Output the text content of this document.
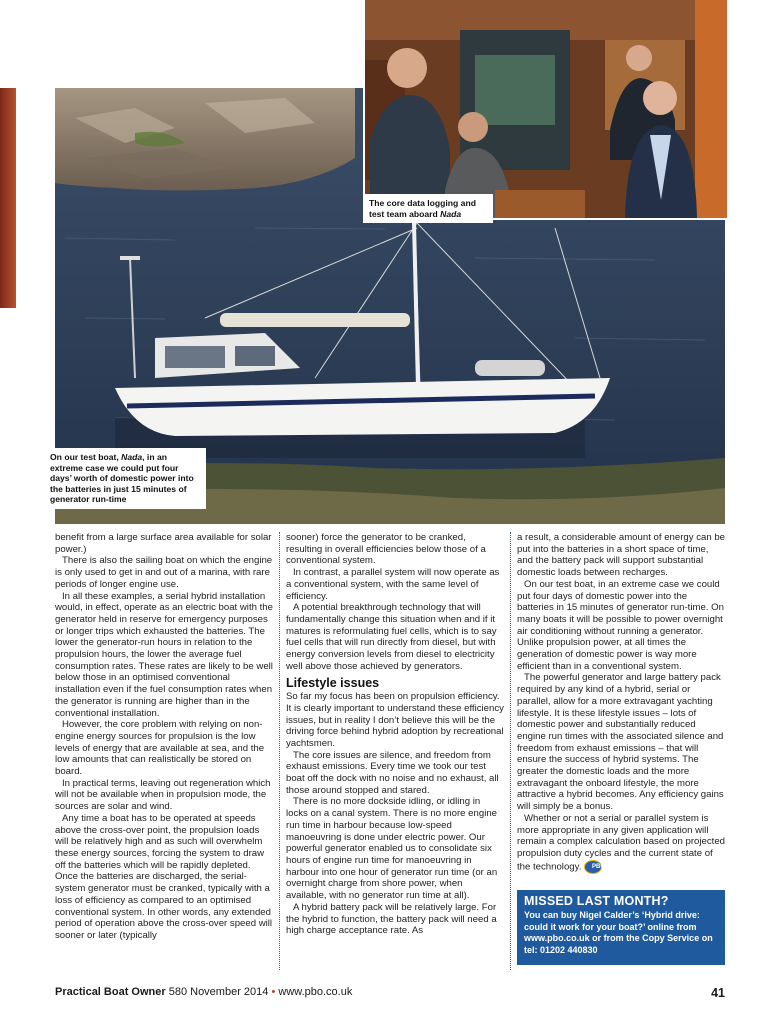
The core data logging and
test team aboard Nada
On our test boat, Nada, in an extreme case we could put four days’ worth of domestic power into the batteries in just 15 minutes of generator run-time

benefit from a large surface area available for solar power.)

There is also the sailing boat on which the engine is only used to get in and out of a marina, with rare periods of longer engine use.

In all these examples, a serial hybrid installation would, in effect, operate as an electric boat with the generator held in reserve for emergency purposes or longer trips which exhausted the batteries. The lower the generator-run hours in relation to the propulsion hours, the lower the average fuel consumption rates. These rates are likely to be well below those in an optimised conventional installation even if the fuel consumption rates when the generator is running are higher than in the conventional installation.

However, the core problem with relying on non-engine energy sources for propulsion is the low levels of energy that are available at sea, and the low amounts that can realistically be stored on board.

In practical terms, leaving out regeneration which will not be available when in propulsion mode, the sources are solar and wind.

Any time a boat has to be operated at speeds above the cross-over point, the propulsion loads will be relatively high and as such will overwhelm these energy sources, forcing the system to draw off the batteries which will be rapidly depleted. Once the batteries are discharged, the serial-system generator must be cranked, typically with a loss of efficiency as compared to an optimised conventional system. In other words, any extended period of operation above the cross-over speed will sooner or later (typically

sooner) force the generator to be cranked, resulting in overall efficiencies below those of a conventional system.

In contrast, a parallel system will now operate as a conventional system, with the same level of efficiency.

A potential breakthrough technology that will fundamentally change this situation when and if it matures is reformulating fuel cells, which is to say fuel cells that will run directly from diesel, but with energy conversion levels from diesel to electricity well above those achieved by generators.

Lifestyle issues

So far my focus has been on propulsion efficiency. It is clearly important to understand these efficiency issues, but in reality I don’t believe this will be the driving force behind hybrid adoption by recreational yachtsmen.

The core issues are silence, and freedom from exhaust emissions. Every time we took our test boat off the dock with no noise and no exhaust, all those around stopped and stared.

There is no more dockside idling, or idling in locks on a canal system. There is no more engine run time in harbour because low-speed manoeuvring is done under electric power. Our powerful generator enabled us to consolidate six hours of engine run time for manoeuvring in harbour into one hour of generator run time (or an overnight charge from shore power, when available, with no generator run time at all).

A hybrid battery pack will be relatively large. For the hybrid to function, the battery pack will need a high charge acceptance rate. As

a result, a considerable amount of energy can be put into the batteries in a short space of time, and the battery pack will support substantial domestic loads between recharges.

On our test boat, in an extreme case we could put four days of domestic power into the batteries in 15 minutes of generator run-time. On many boats it will be possible to power overnight air conditioning without running a generator. Unlike propulsion power, at all times the generation of domestic power is way more efficient than in a conventional system.

The powerful generator and large battery pack required by any kind of a hybrid, serial or parallel, allow for a more extravagant yachting lifestyle. It is these lifestyle issues – lots of domestic power and substantially reduced engine run times with the associated silence and freedom from exhaust emissions – that will ensure the success of hybrid systems. The greater the domestic loads and the more extravagant the onboard lifestyle, the more attractive a hybrid becomes. Any efficiency gains will simply be a bonus.

Whether or not a serial or parallel system is more appropriate in any given application will remain a complex calculation based on projected propulsion duty cycles and the current state of the technology. PBO

MISSED LAST MONTH?
You can buy Nigel Calder’s ‘Hybrid drive: could it work for your boat?’ online from www.pbo.co.uk or from the Copy Service on tel: 01202 440830
Practical Boat Owner 580 November 2014 • www.pbo.co.uk	41
